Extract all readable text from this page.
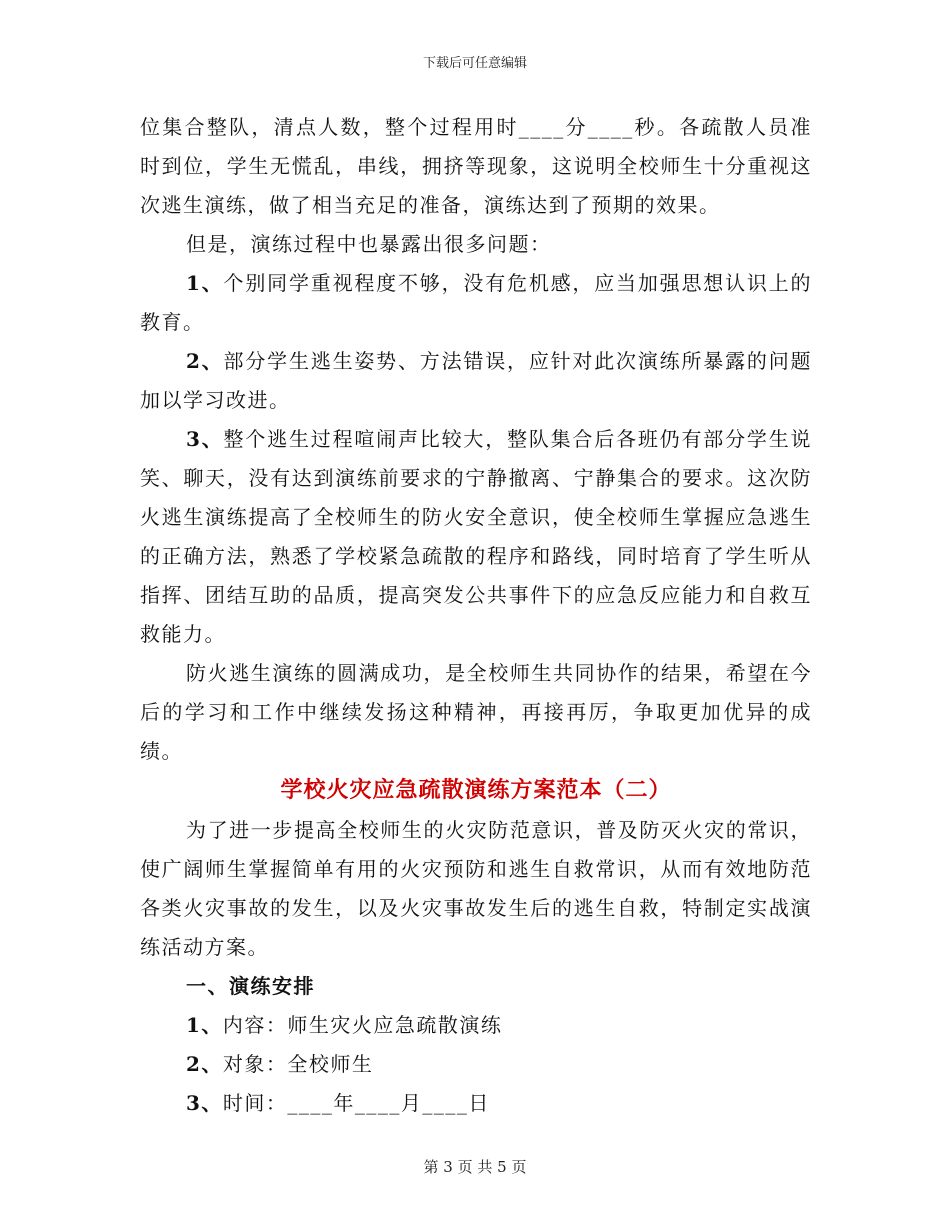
下载后可任意编辑

位集合整队，清点人数，整个过程用时____分____秒。各疏散人员准时到位，学生无慌乱，串线，拥挤等现象，这说明全校师生十分重视这次逃生演练，做了相当充足的准备，演练达到了预期的效果。

但是，演练过程中也暴露出很多问题：

1、个别同学重视程度不够，没有危机感，应当加强思想认识上的教育。

2、部分学生逃生姿势、方法错误，应针对此次演练所暴露的问题加以学习改进。

3、整个逃生过程喧闹声比较大，整队集合后各班仍有部分学生说笑、聊天，没有达到演练前要求的宁静撤离、宁静集合的要求。这次防火逃生演练提高了全校师生的防火安全意识，使全校师生掌握应急逃生的正确方法，熟悉了学校紧急疏散的程序和路线，同时培育了学生听从指挥、团结互助的品质，提高突发公共事件下的应急反应能力和自救互救能力。

防火逃生演练的圆满成功，是全校师生共同协作的结果，希望在今后的学习和工作中继续发扬这种精神，再接再厉，争取更加优异的成绩。

学校火灾应急疏散演练方案范本（二）

为了进一步提高全校师生的火灾防范意识，普及防灭火灾的常识，使广阔师生掌握简单有用的火灾预防和逃生自救常识，从而有效地防范各类火灾事故的发生，以及火灾事故发生后的逃生自救，特制定实战演练活动方案。

一、演练安排

1、内容：师生灾火应急疏散演练

2、对象：全校师生

3、时间：____年____月____日

第 3 页 共 5 页
